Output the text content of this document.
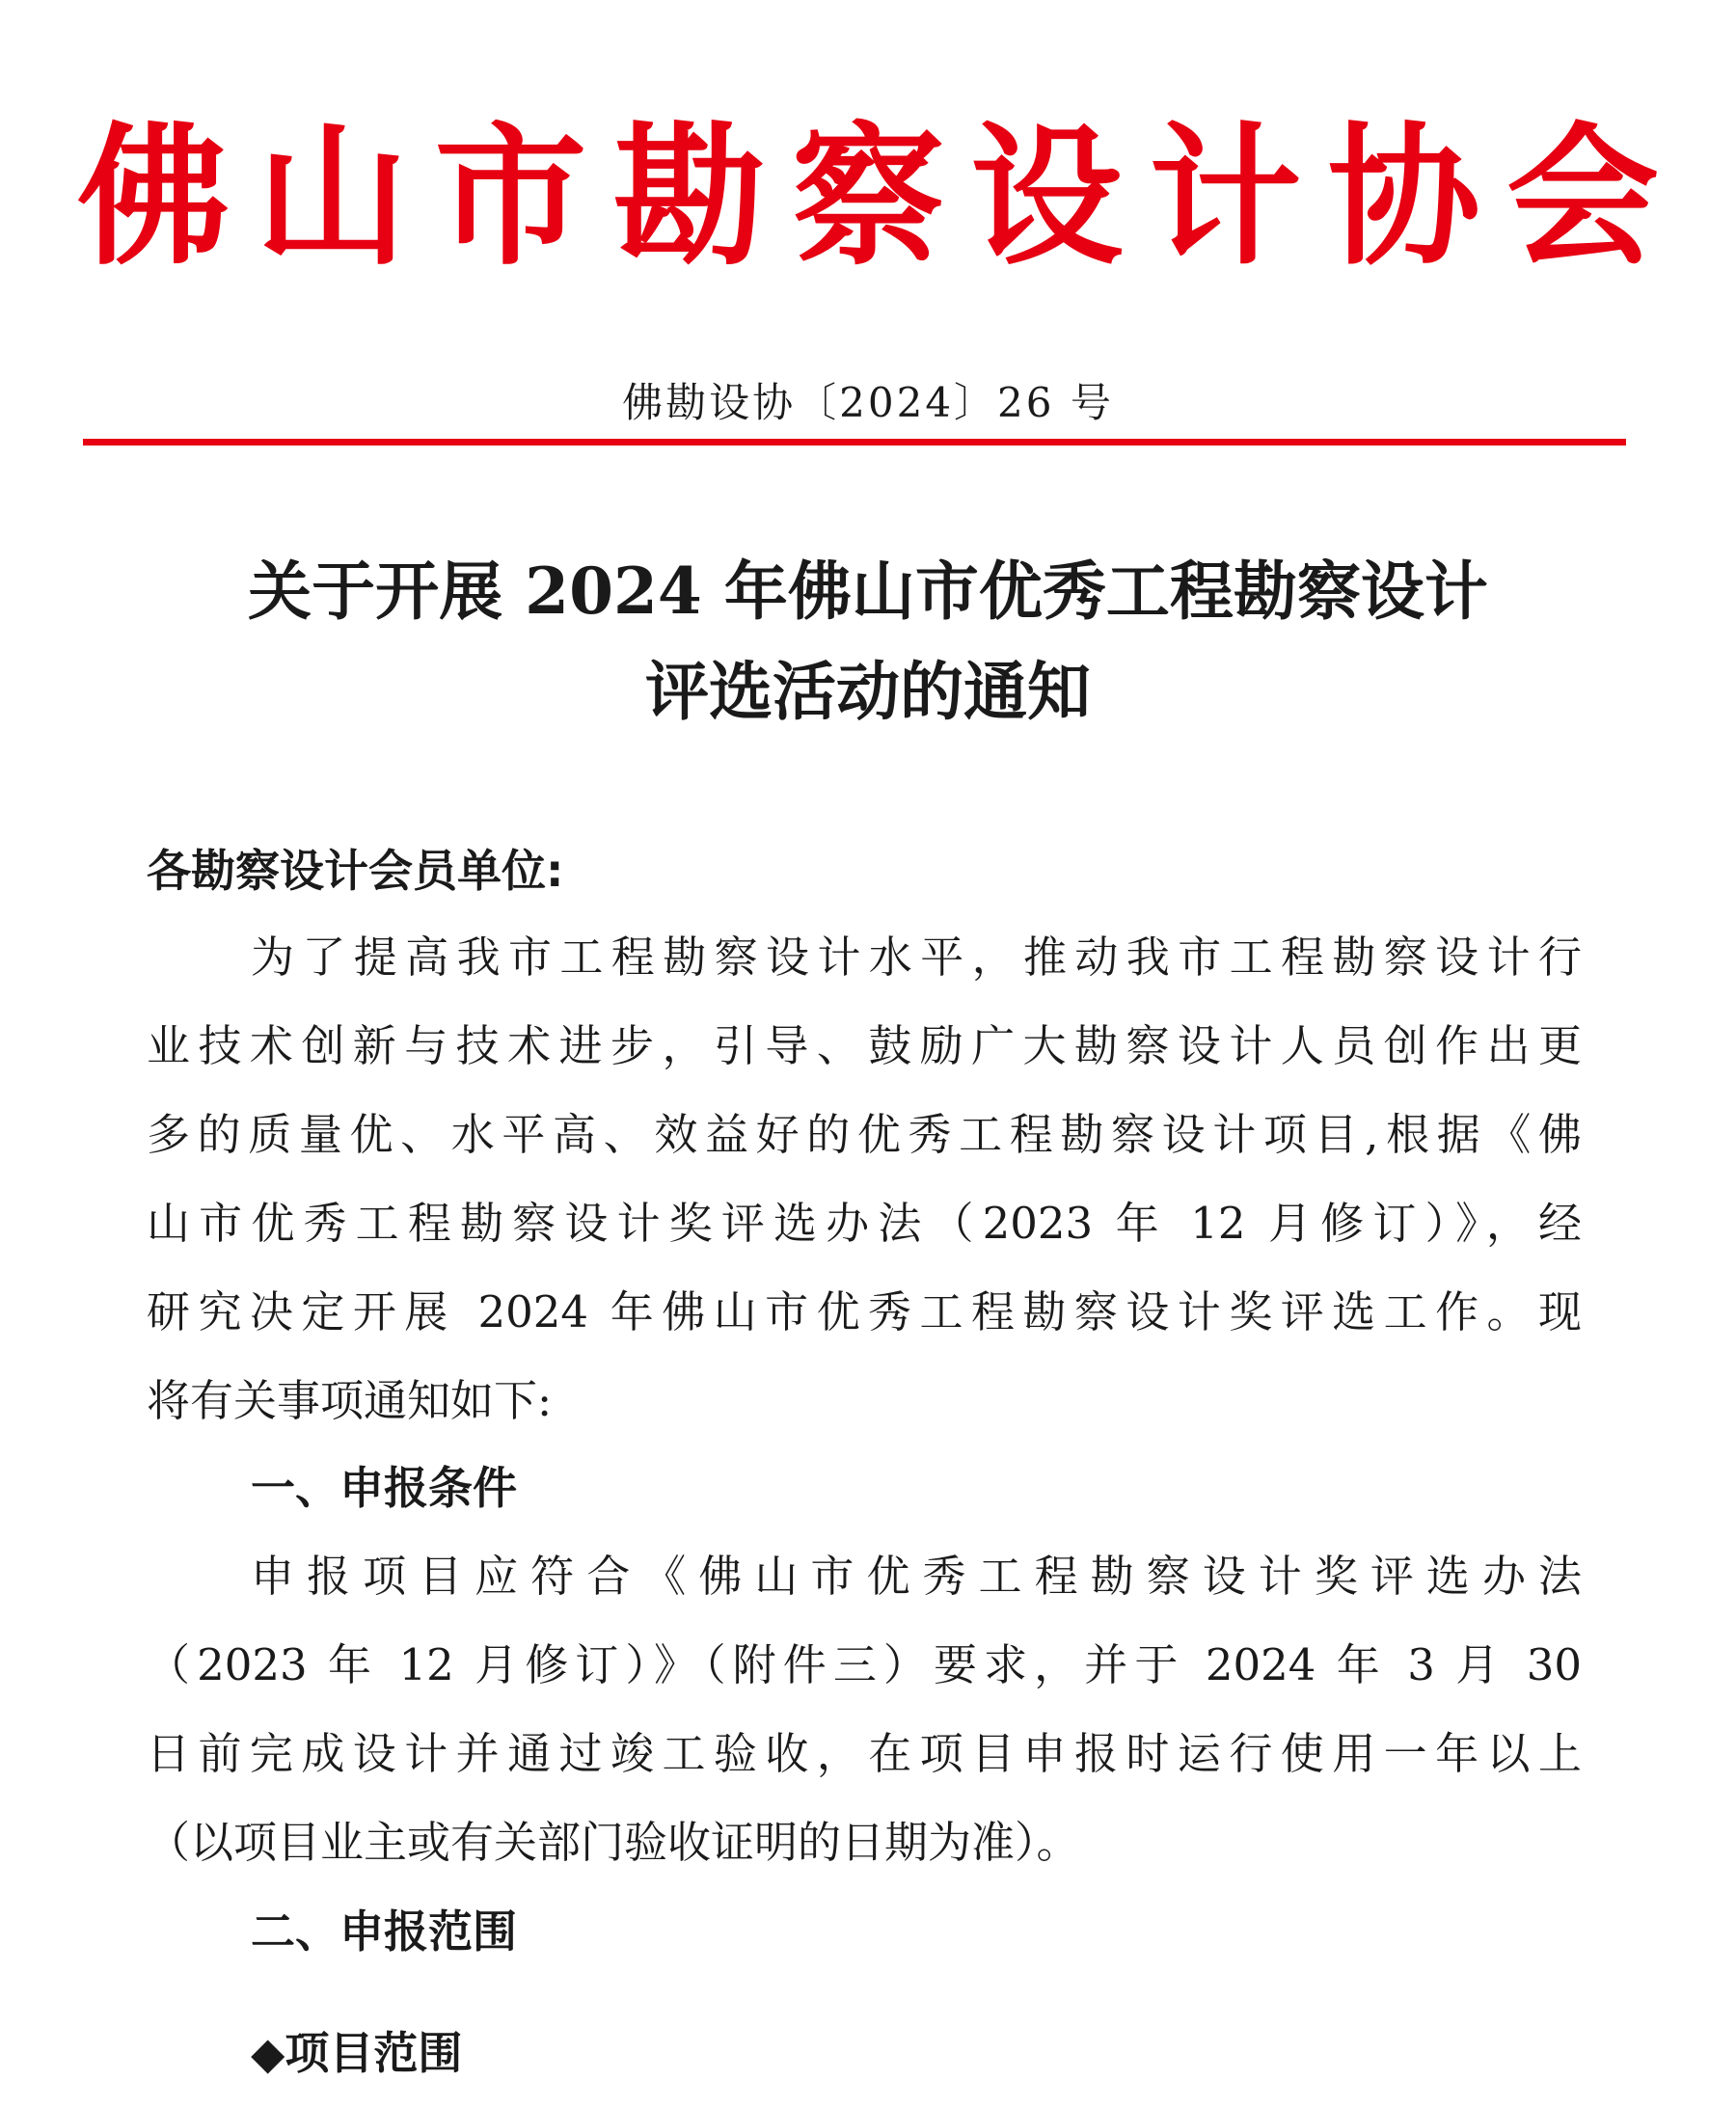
佛 山 市 勘 察 设 计 协 会
佛勘设协〔2024〕26 号
关于开展 2024 年佛山市优秀工程勘察设计
评选活动的通知
各勘察设计会员单位:
为了提高我市工程勘察设计水平，推动我市工程勘察设计行
业技术创新与技术进步，引导、鼓励广大勘察设计人员创作出更
多的质量优、水平高、效益好的优秀工程勘察设计项目,根据《佛
山市优秀工程勘察设计奖评选办法（2023 年 12 月修订）》，经
研究决定开展 2024 年佛山市优秀工程勘察设计奖评选工作。现
将有关事项通知如下:
一、申报条件
申报项目应符合《佛山市优秀工程勘察设计奖评选办法
（2023 年 12 月修订）》（附件三）要求，并于 2024 年 3 月 30
日前完成设计并通过竣工验收，在项目申报时运行使用一年以上
（以项目业主或有关部门验收证明的日期为准）。
二、申报范围
◆项目范围
